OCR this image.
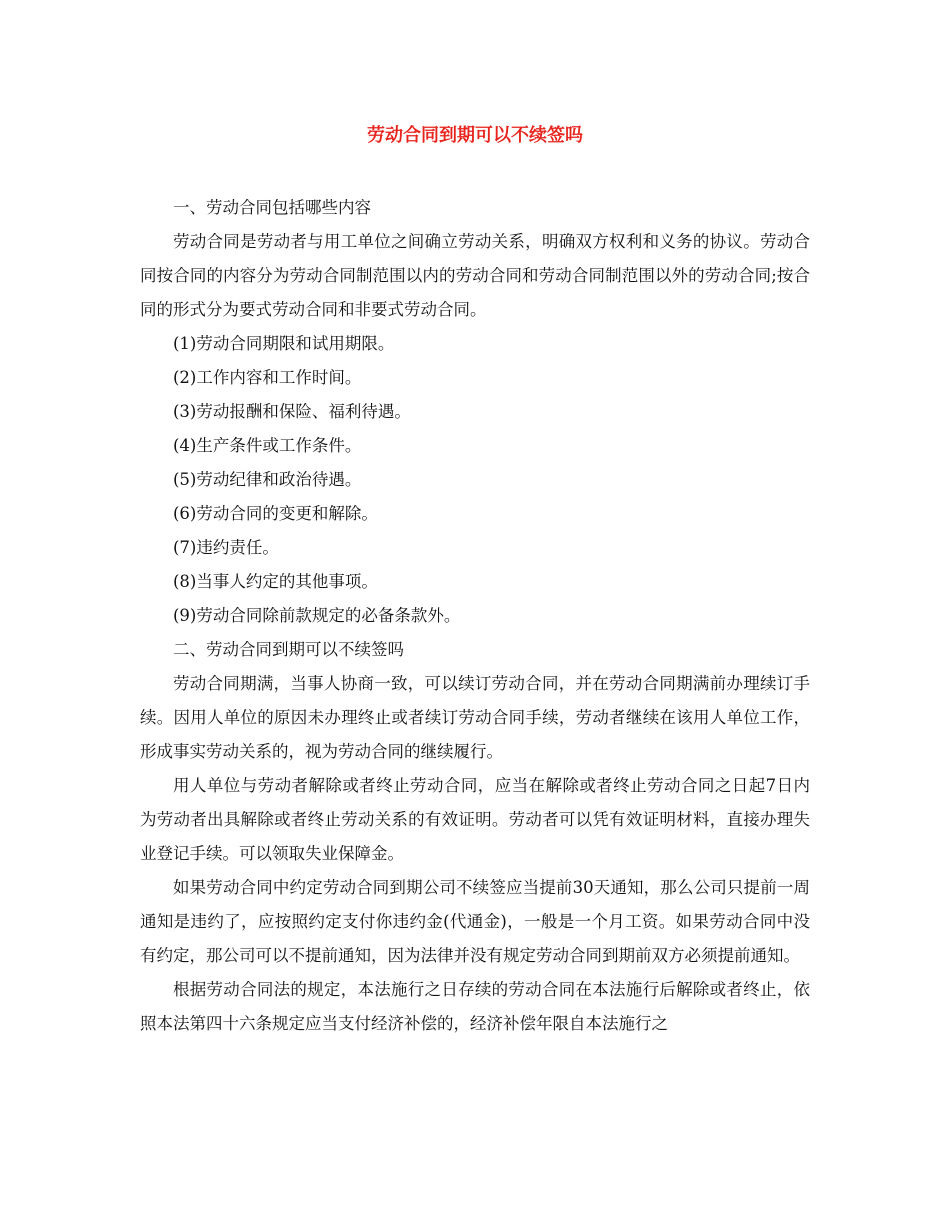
劳动合同到期可以不续签吗

一、劳动合同包括哪些内容

劳动合同是劳动者与用工单位之间确立劳动关系，明确双方权利和义务的协议。劳动合同按合同的内容分为劳动合同制范围以内的劳动合同和劳动合同制范围以外的劳动合同;按合同的形式分为要式劳动合同和非要式劳动合同。

(1)劳动合同期限和试用期限。

(2)工作内容和工作时间。

(3)劳动报酬和保险、福利待遇。

(4)生产条件或工作条件。

(5)劳动纪律和政治待遇。

(6)劳动合同的变更和解除。

(7)违约责任。

(8)当事人约定的其他事项。

(9)劳动合同除前款规定的必备条款外。

二、劳动合同到期可以不续签吗

劳动合同期满，当事人协商一致，可以续订劳动合同，并在劳动合同期满前办理续订手续。因用人单位的原因未办理终止或者续订劳动合同手续，劳动者继续在该用人单位工作，形成事实劳动关系的，视为劳动合同的继续履行。

用人单位与劳动者解除或者终止劳动合同，应当在解除或者终止劳动合同之日起7日内为劳动者出具解除或者终止劳动关系的有效证明。劳动者可以凭有效证明材料，直接办理失业登记手续。可以领取失业保障金。

如果劳动合同中约定劳动合同到期公司不续签应当提前30天通知，那么公司只提前一周通知是违约了，应按照约定支付你违约金(代通金)，一般是一个月工资。如果劳动合同中没有约定，那公司可以不提前通知，因为法律并没有规定劳动合同到期前双方必须提前通知。

根据劳动合同法的规定，本法施行之日存续的劳动合同在本法施行后解除或者终止，依照本法第四十六条规定应当支付经济补偿的，经济补偿年限自本法施行之
